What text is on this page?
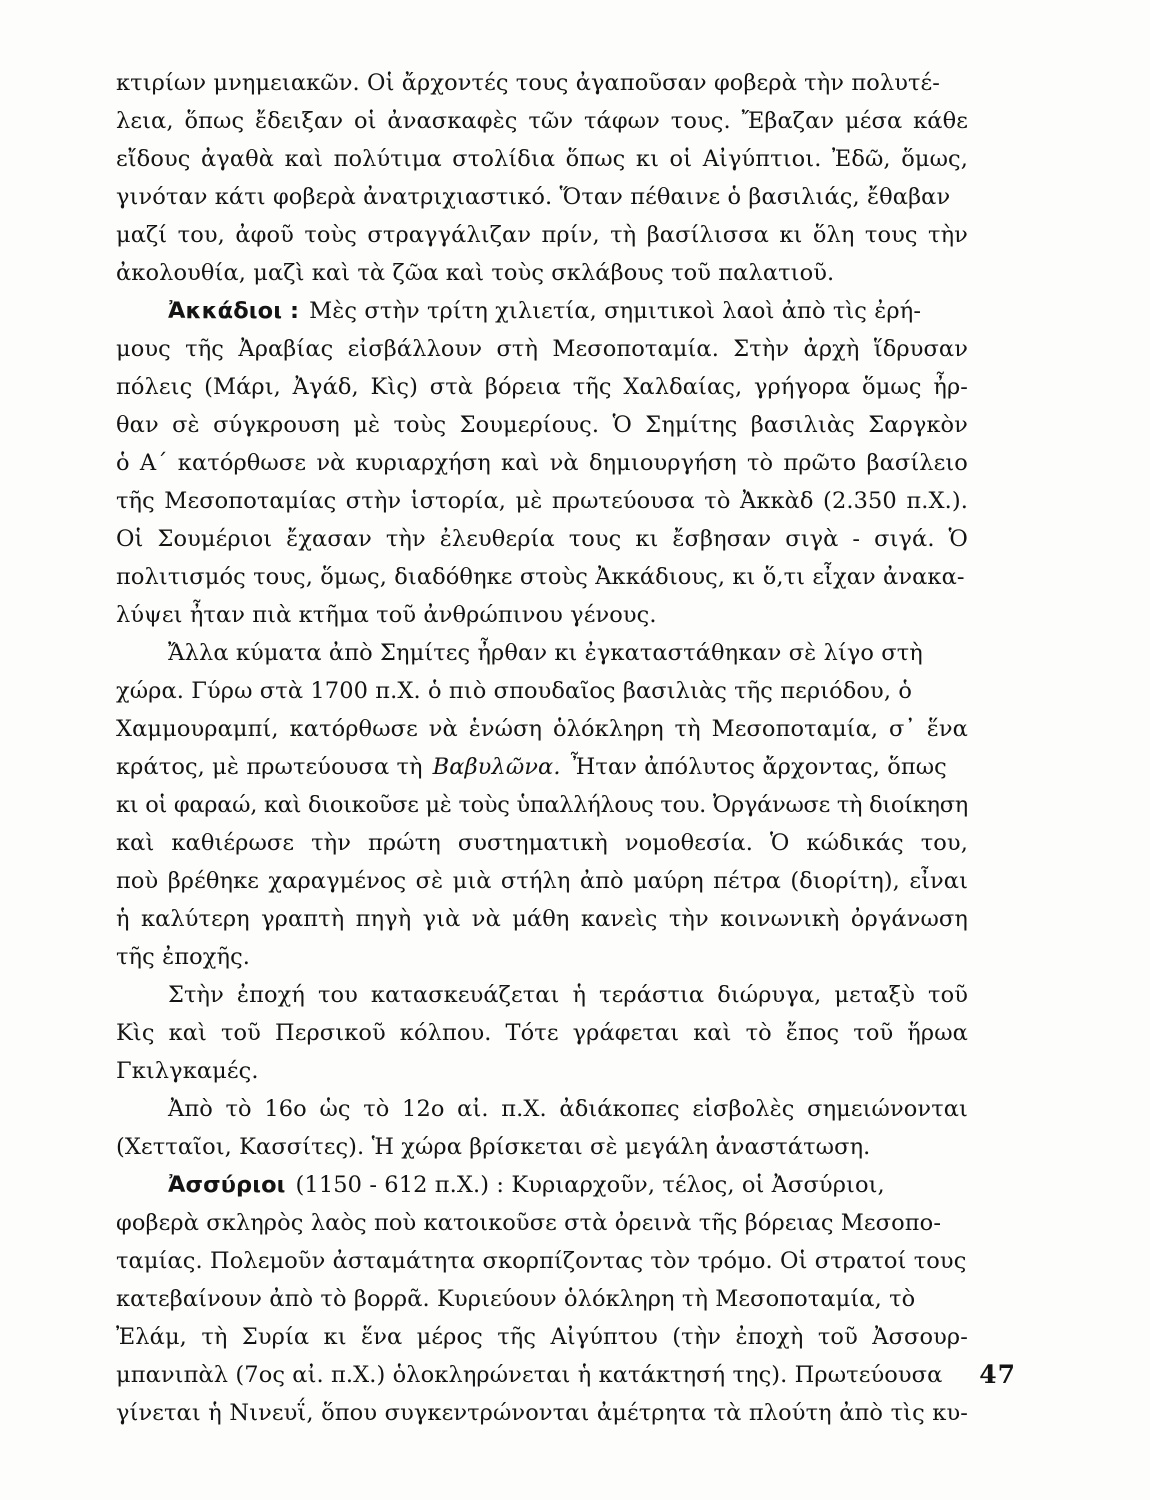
κτιρίων μνημειακῶν. Οἱ ἄρχοντές τους ἀγαποῦσαν φοβερὰ τὴν πολυτέ-
λεια, ὅπως ἔδειξαν οἱ ἀνασκαφὲς τῶν τάφων τους. Ἔβαζαν μέσα κάθε
εἴδους ἀγαθὰ καὶ πολύτιμα στολίδια ὅπως κι οἱ Αἰγύπτιοι. Ἐδῶ, ὅμως,
γινόταν κάτι φοβερὰ ἀνατριχιαστικό. Ὅταν πέθαινε ὁ βασιλιάς, ἔθαβαν
μαζί του, ἀφοῦ τοὺς στραγγάλιζαν πρίν, τὴ βασίλισσα κι ὅλη τους τὴν
ἀκολουθία, μαζὶ καὶ τὰ ζῶα καὶ τοὺς σκλάβους τοῦ παλατιοῦ.
Ἀκκάδιοι : Μὲς στὴν τρίτη χιλιετία, σημιτικοὶ λαοὶ ἀπὸ τὶς ἐρή-
μους τῆς Ἀραβίας εἰσβάλλουν στὴ Μεσοποταμία. Στὴν ἀρχὴ ἵδρυσαν
πόλεις (Μάρι, Ἀγάδ, Κὶς) στὰ βόρεια τῆς Χαλδαίας, γρήγορα ὅμως ἦρ-
θαν σὲ σύγκρουση μὲ τοὺς Σουμερίους. Ὁ Σημίτης βασιλιὰς Σαργκὸν
ὁ Α΄ κατόρθωσε νὰ κυριαρχήση καὶ νὰ δημιουργήση τὸ πρῶτο βασίλειο
τῆς Μεσοποταμίας στὴν ἱστορία, μὲ πρωτεύουσα τὸ Ἀκκὰδ (2.350 π.Χ.).
Οἱ Σουμέριοι ἔχασαν τὴν ἐλευθερία τους κι ἔσβησαν σιγὰ - σιγά. Ὁ
πολιτισμός τους, ὅμως, διαδόθηκε στοὺς Ἀκκάδιους, κι ὅ,τι εἶχαν ἀνακα-
λύψει ἦταν πιὰ κτῆμα τοῦ ἀνθρώπινου γένους.
Ἄλλα κύματα ἀπὸ Σημίτες ἦρθαν κι ἐγκαταστάθηκαν σὲ λίγο στὴ
χώρα. Γύρω στὰ 1700 π.Χ. ὁ πιὸ σπουδαῖος βασιλιὰς τῆς περιόδου, ὁ
Χαμμουραμπί, κατόρθωσε νὰ ἑνώση ὁλόκληρη τὴ Μεσοποταμία, σ᾽ ἕνα
κράτος, μὲ πρωτεύουσα τὴ Βαβυλῶνα. Ἦταν ἀπόλυτος ἄρχοντας, ὅπως
κι οἱ φαραώ, καὶ διοικοῦσε μὲ τοὺς ὑπαλλήλους του. Ὀργάνωσε τὴ διοίκηση
καὶ καθιέρωσε τὴν πρώτη συστηματικὴ νομοθεσία. Ὁ κώδικάς του,
ποὺ βρέθηκε χαραγμένος σὲ μιὰ στήλη ἀπὸ μαύρη πέτρα (διορίτη), εἶναι
ἡ καλύτερη γραπτὴ πηγὴ γιὰ νὰ μάθη κανεὶς τὴν κοινωνικὴ ὀργάνωση
τῆς ἐποχῆς.
Στὴν ἐποχή του κατασκευάζεται ἡ τεράστια διώρυγα, μεταξὺ τοῦ
Κὶς καὶ τοῦ Περσικοῦ κόλπου. Τότε γράφεται καὶ τὸ ἔπος τοῦ ἥρωα
Γκιλγκαμές.
Ἀπὸ τὸ 16ο ὡς τὸ 12ο αἰ. π.Χ. ἀδιάκοπες εἰσβολὲς σημειώνονται
(Χετταῖοι, Κασσίτες). Ἡ χώρα βρίσκεται σὲ μεγάλη ἀναστάτωση.
Ἀσσύριοι (1150 - 612 π.Χ.) : Κυριαρχοῦν, τέλος, οἱ Ἀσσύριοι,
φοβερὰ σκληρὸς λαὸς ποὺ κατοικοῦσε στὰ ὀρεινὰ τῆς βόρειας Μεσοπο-
ταμίας. Πολεμοῦν ἀσταμάτητα σκορπίζοντας τὸν τρόμο. Οἱ στρατοί τους
κατεβαίνουν ἀπὸ τὸ βορρᾶ. Κυριεύουν ὁλόκληρη τὴ Μεσοποταμία, τὸ
Ἐλάμ, τὴ Συρία κι ἕνα μέρος τῆς Αἰγύπτου (τὴν ἐποχὴ τοῦ Ἀσσουρ-
μπανιπὰλ (7ος αἰ. π.Χ.) ὁλοκληρώνεται ἡ κατάκτησή της). Πρωτεύουσα
γίνεται ἡ Νινευΐ, ὅπου συγκεντρώνονται ἀμέτρητα τὰ πλούτη ἀπὸ τὶς κυ-
47
